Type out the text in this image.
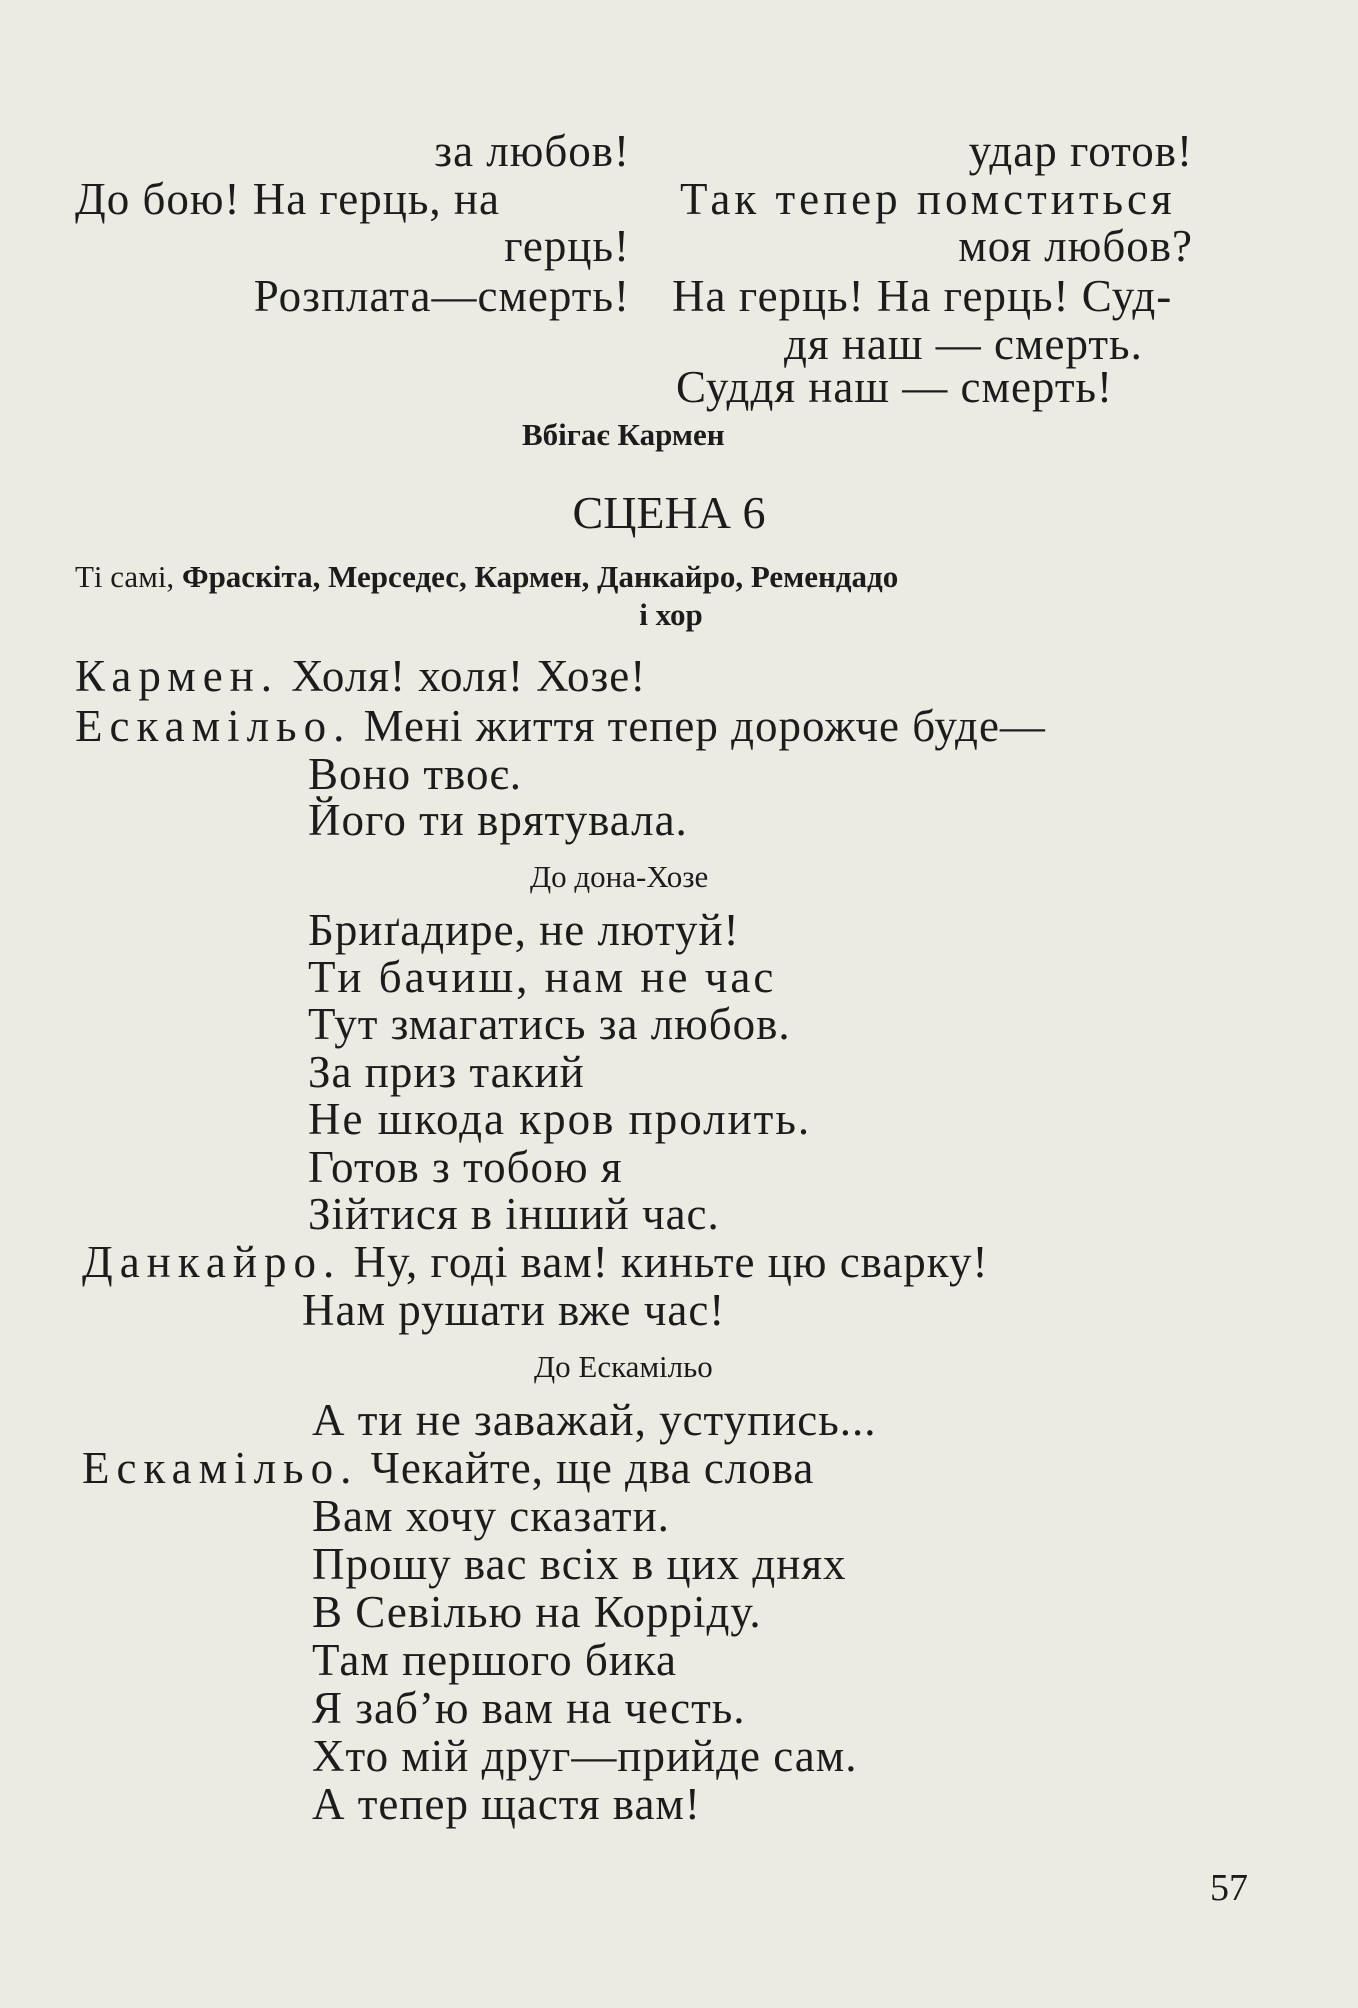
за любов!
До бою! На герць, на
герць!
Розплата—смерть!
удар готов!
Так тепер помститься
моя любов?
На герць! На герць! Суд-
дя наш — смерть.
Суддя наш — смерть!
Вбігає Кармен
СЦЕНА 6
Ті самі, Фраскіта, Мерседес, Кармен, Данкайро, Ремендадо
і хор
Кармен. Холя! холя! Хозе!
Ескамільо. Мені життя тепер дорожче буде—
Воно твоє.
Його ти врятувала.
До дона-Хозе
Бриґадире, не лютуй!
Ти бачиш, нам не час
Тут змагатись за любов.
За приз такий
Не шкода кров пролить.
Готов з тобою я
Зійтися в інший час.
Данкайро. Ну, годі вам! киньте цю сварку!
Нам рушати вже час!
До Ескамільо
А ти не заважай, уступись...
Ескамільо. Чекайте, ще два слова
Вам хочу сказати.
Прошу вас всіх в цих днях
В Севілью на Корріду.
Там першого бика
Я заб’ю вам на честь.
Хто мій друг—прийде сам.
А тепер щастя вам!
57
